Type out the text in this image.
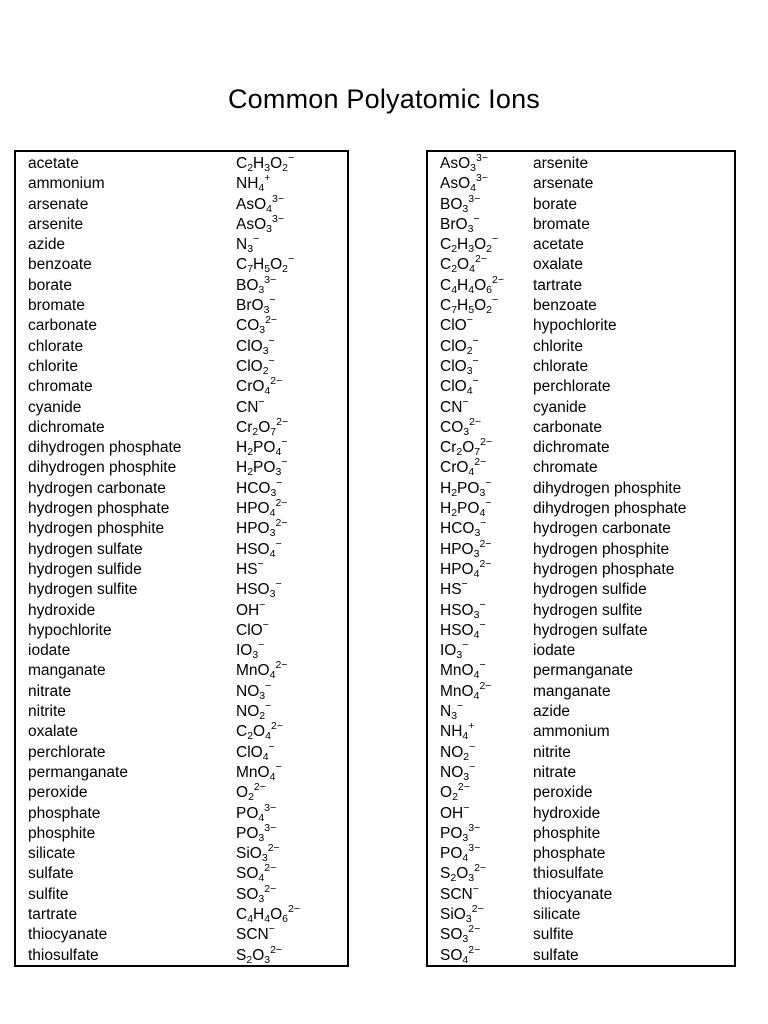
Common Polyatomic Ions
acetate	$C_2H_3O_2^-$
ammonium	$NH_4^+$
arsenate	AsO$_4^{3-}$
arsenite	AsO$_3^{3-}$
azide	$N_3^-$
benzoate	$C_7H_5O_2^-$
borate	$BO_3^{3-}$
bromate	BrO$_3$−
carbonate	$CO_3^{2-}$
chlorate	ClO$_3$−
chlorite	ClO$_2$−
chromate	CrO$_4^{2-}$
cyanide	CN−
dichromate	$Cr_2O_7^{2-}$
dihydrogen phosphate	$H_2PO_4^-$
dihydrogen phosphite	$H_2PO_3^-$
hydrogen carbonate	$HCO_3^-$
hydrogen phosphate	$HPO_4^{2-}$
hydrogen phosphite	$HPO_3^{2-}$
hydrogen sulfate	$HSO_4^-$
hydrogen sulfide	HS−
hydrogen sulfite	$HSO_3^-$
hydroxide	OH−
hypochlorite	ClO−
iodate	$IO_3^-$
manganate	MnO$_4^{2-}$
nitrate	$NO_3^-$
nitrite	$NO_2^-$
oxalate	$C_2O_4^{2-}$
perchlorate	ClO$_4$−
permanganate	MnO$_4$−
peroxide	$O_2^{2-}$
phosphate	$PO_4^{3-}$
phosphite	$PO_3^{3-}$
silicate	SiO$_3^{2-}$
sulfate	$SO_4^{2-}$
sulfite	$SO_3^{2-}$
tartrate	$C_4H_4O_6^{2-}$
thiocyanate	SCN−
thiosulfate	$S_2O_3^{2-}$
AsO$_3^{3-}$	arsenite
AsO$_4^{3-}$	arsenate
$BO_3^{3-}$	borate
BrO$_3$−	bromate
$C_2H_3O_2^-$ acetate
$C_2O_4^{2-}$	oxalate
$C_4H_4O_6^{2-}$ tartrate
$C_7H_5O_2^-$ benzoate
ClO−	hypochlorite
ClO$_2$−	chlorite
ClO$_3$−	chlorate
ClO$_4$−	perchlorate
CN−	cyanide
$CO_3^{2-}$	carbonate
$Cr_2O_7^{2-}$	dichromate
CrO$_4^{2-}$	chromate
$H_2PO_3^-$	dihydrogen phosphite
$H_2PO_4^-$	dihydrogen phosphate
$HCO_3^-$	hydrogen carbonate
$HPO_3^{2-}$	hydrogen phosphite
$HPO_4^{2-}$	hydrogen phosphate
HS−	hydrogen sulfide
$HSO_3^-$	hydrogen sulfite
$HSO_4^-$	hydrogen sulfate
$IO_3^-$	iodate
MnO$_4$−	permanganate
MnO$_4^{2-}$	manganate
$N_3^-$	azide
$NH_4^+$	ammonium
$NO_2^-$	nitrite
$NO_3^-$	nitrate
$O_2^{2-}$	peroxide
OH−	hydroxide
$PO_3^{3-}$	phosphite
$PO_4^{3-}$	phosphate
$S_2O_3^{2-}$	thiosulfate
SCN−	thiocyanate
SiO$_3^{2-}$	silicate
$SO_3^{2-}$	sulfite
$SO_4^{2-}$	sulfate
